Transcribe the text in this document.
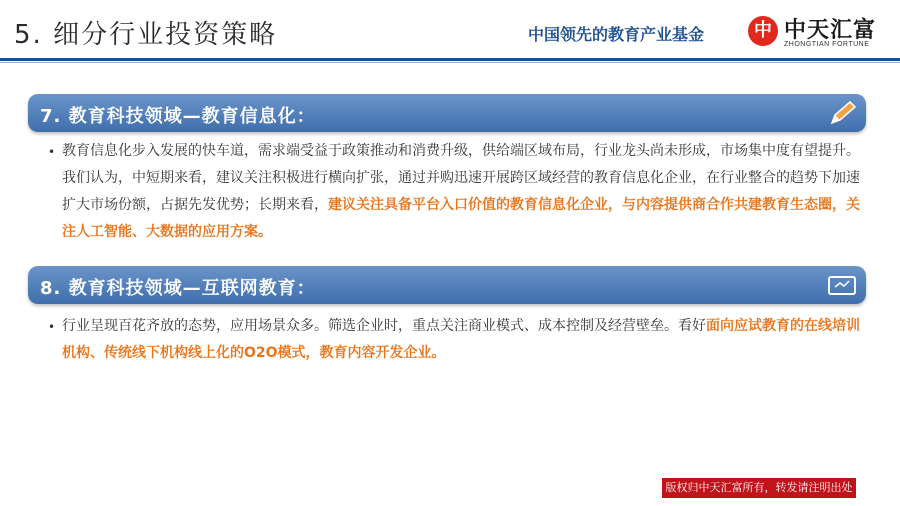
5. 细分行业投资策略	中国领先的教育产业基金	中 中天汇富
ZHONGTIAN FORTUNE
7. 教育科技领域—教育信息化：
• 教育信息化步入发展的快车道，需求端受益于政策推动和消费升级，供给端区域布局，行业龙头尚未形成，市场集中度有望提升。我们认为，中短期来看，建议关注积极进行横向扩张，通过并购迅速开展跨区域经营的教育信息化企业，在行业整合的趋势下加速扩大市场份额，占据先发优势；长期来看，建议关注具备平台入口价值的教育信息化企业，与内容提供商合作共建教育生态圈，关注人工智能、大数据的应用方案。
8. 教育科技领域—互联网教育：
• 行业呈现百花齐放的态势，应用场景众多。筛选企业时，重点关注商业模式、成本控制及经营壁垒。看好面向应试教育的在线培训机构、传统线下机构线上化的O2O模式，教育内容开发企业。
版权归中天汇富所有，转发请注明出处
